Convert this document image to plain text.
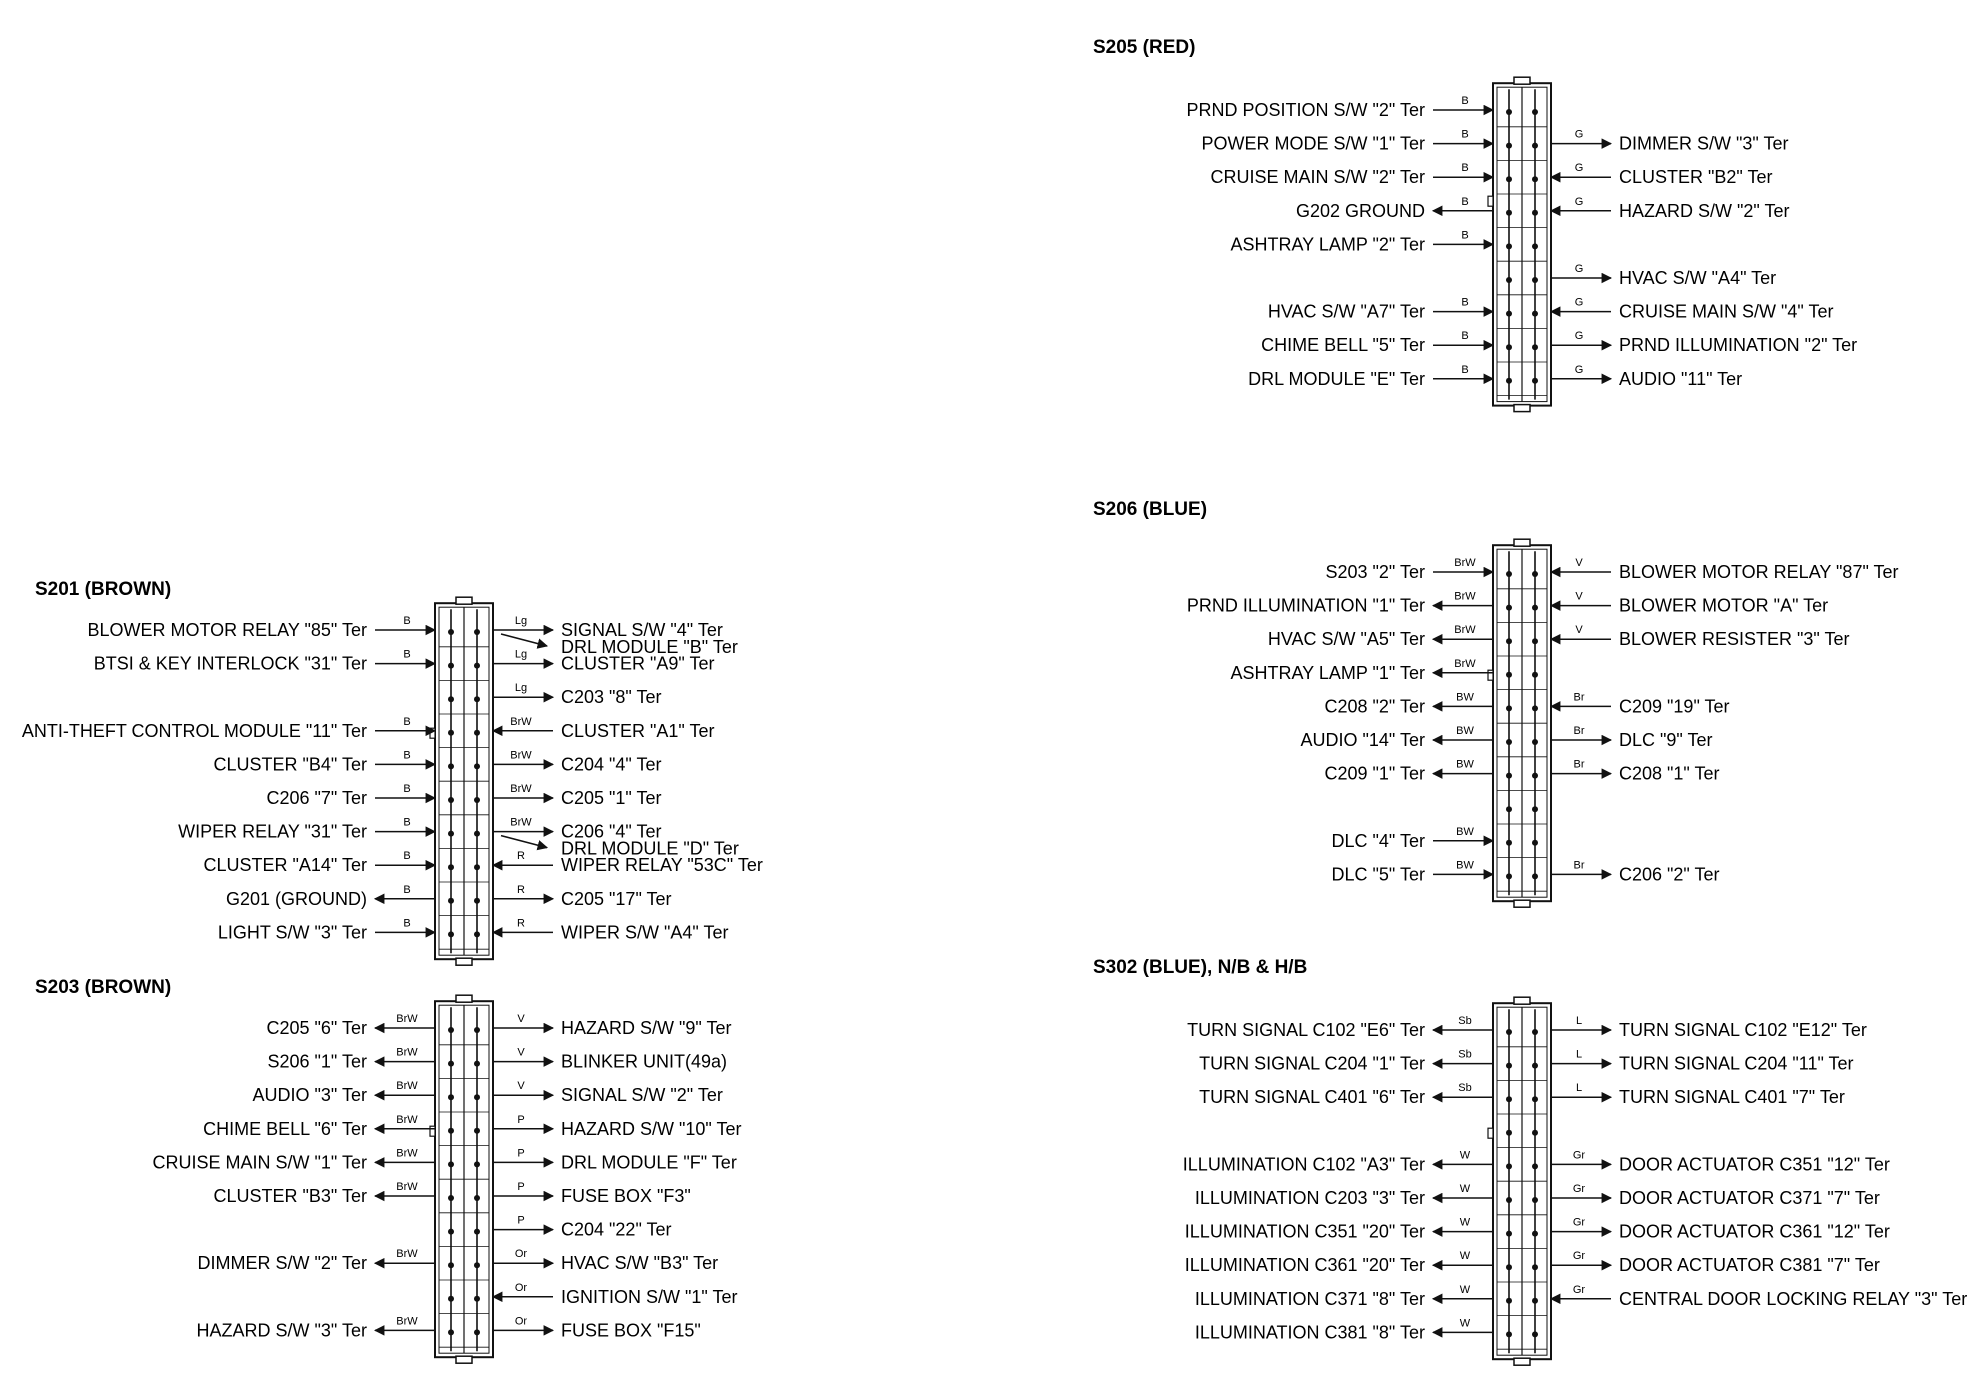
S201 (BROWN)
B
BLOWER MOTOR RELAY "85" Ter
B
BTSI & KEY INTERLOCK "31" Ter
B
ANTI-THEFT CONTROL MODULE "11" Ter
B
CLUSTER "B4" Ter
B
C206 "7" Ter
B
WIPER RELAY "31" Ter
B
CLUSTER "A14" Ter
B
G201 (GROUND)
B
LIGHT S/W "3" Ter
Lg SIGNAL S/W "4" Ter
DRL MODULE "B" Ter
Lg CLUSTER "A9" Ter
Lg C203 "8" Ter
BrW CLUSTER "A1" Ter
BrW C204 "4" Ter
BrW C205 "1" Ter
BrW C206 "4" Ter
DRL MODULE "D" Ter
R WIPER RELAY "53C" Ter
R C205 "17" Ter
R WIPER S/W "A4" Ter
S203 (BROWN)
BrW
C205 "6" Ter
BrW
S206 "1" Ter
BrW
AUDIO "3" Ter
BrW
CHIME BELL "6" Ter
BrW
CRUISE MAIN S/W "1" Ter
BrW
CLUSTER "B3" Ter
BrW
DIMMER S/W "2" Ter
BrW
HAZARD S/W "3" Ter
V HAZARD S/W "9" Ter
V BLINKER UNIT(49a)
V SIGNAL S/W "2" Ter
P HAZARD S/W "10" Ter
P DRL MODULE "F" Ter
P FUSE BOX "F3"
P C204 "22" Ter
Or HVAC S/W "B3" Ter
Or IGNITION S/W "1" Ter
Or FUSE BOX "F15"
S205 (RED)
B
PRND POSITION S/W "2" Ter
B
POWER MODE S/W "1" Ter
B
CRUISE MAIN S/W "2" Ter
B
G202 GROUND
B
ASHTRAY LAMP "2" Ter
B
HVAC S/W "A7" Ter
B
CHIME BELL "5" Ter
B
DRL MODULE "E" Ter
G DIMMER S/W "3" Ter
G CLUSTER "B2" Ter
G HAZARD S/W "2" Ter
G HVAC S/W "A4" Ter
G CRUISE MAIN S/W "4" Ter
G PRND ILLUMINATION "2" Ter
G AUDIO "11" Ter
S206 (BLUE)
BrW
S203 "2" Ter
BrW
PRND ILLUMINATION "1" Ter
BrW
HVAC S/W "A5" Ter
BrW
ASHTRAY LAMP "1" Ter
BW
C208 "2" Ter
BW
AUDIO "14" Ter
BW
C209 "1" Ter
BW
DLC "4" Ter
BW
DLC "5" Ter
V BLOWER MOTOR RELAY "87" Ter
V BLOWER MOTOR "A" Ter
V BLOWER RESISTER "3" Ter
Br C209 "19" Ter
Br DLC "9" Ter
Br C208 "1" Ter
Br C206 "2" Ter
S302 (BLUE), N/B & H/B
Sb
TURN SIGNAL C102 "E6" Ter
Sb
TURN SIGNAL C204 "1" Ter
Sb
TURN SIGNAL C401 "6" Ter
W
ILLUMINATION C102 "A3" Ter
W
ILLUMINATION C203 "3" Ter
W
ILLUMINATION C351 "20" Ter
W
ILLUMINATION C361 "20" Ter
W
ILLUMINATION C371 "8" Ter
W
ILLUMINATION C381 "8" Ter
L TURN SIGNAL C102 "E12" Ter
L TURN SIGNAL C204 "11" Ter
L TURN SIGNAL C401 "7" Ter
Gr DOOR ACTUATOR C351 "12" Ter
Gr DOOR ACTUATOR C371 "7" Ter
Gr DOOR ACTUATOR C361 "12" Ter
Gr DOOR ACTUATOR C381 "7" Ter
Gr CENTRAL DOOR LOCKING RELAY "3" Ter
